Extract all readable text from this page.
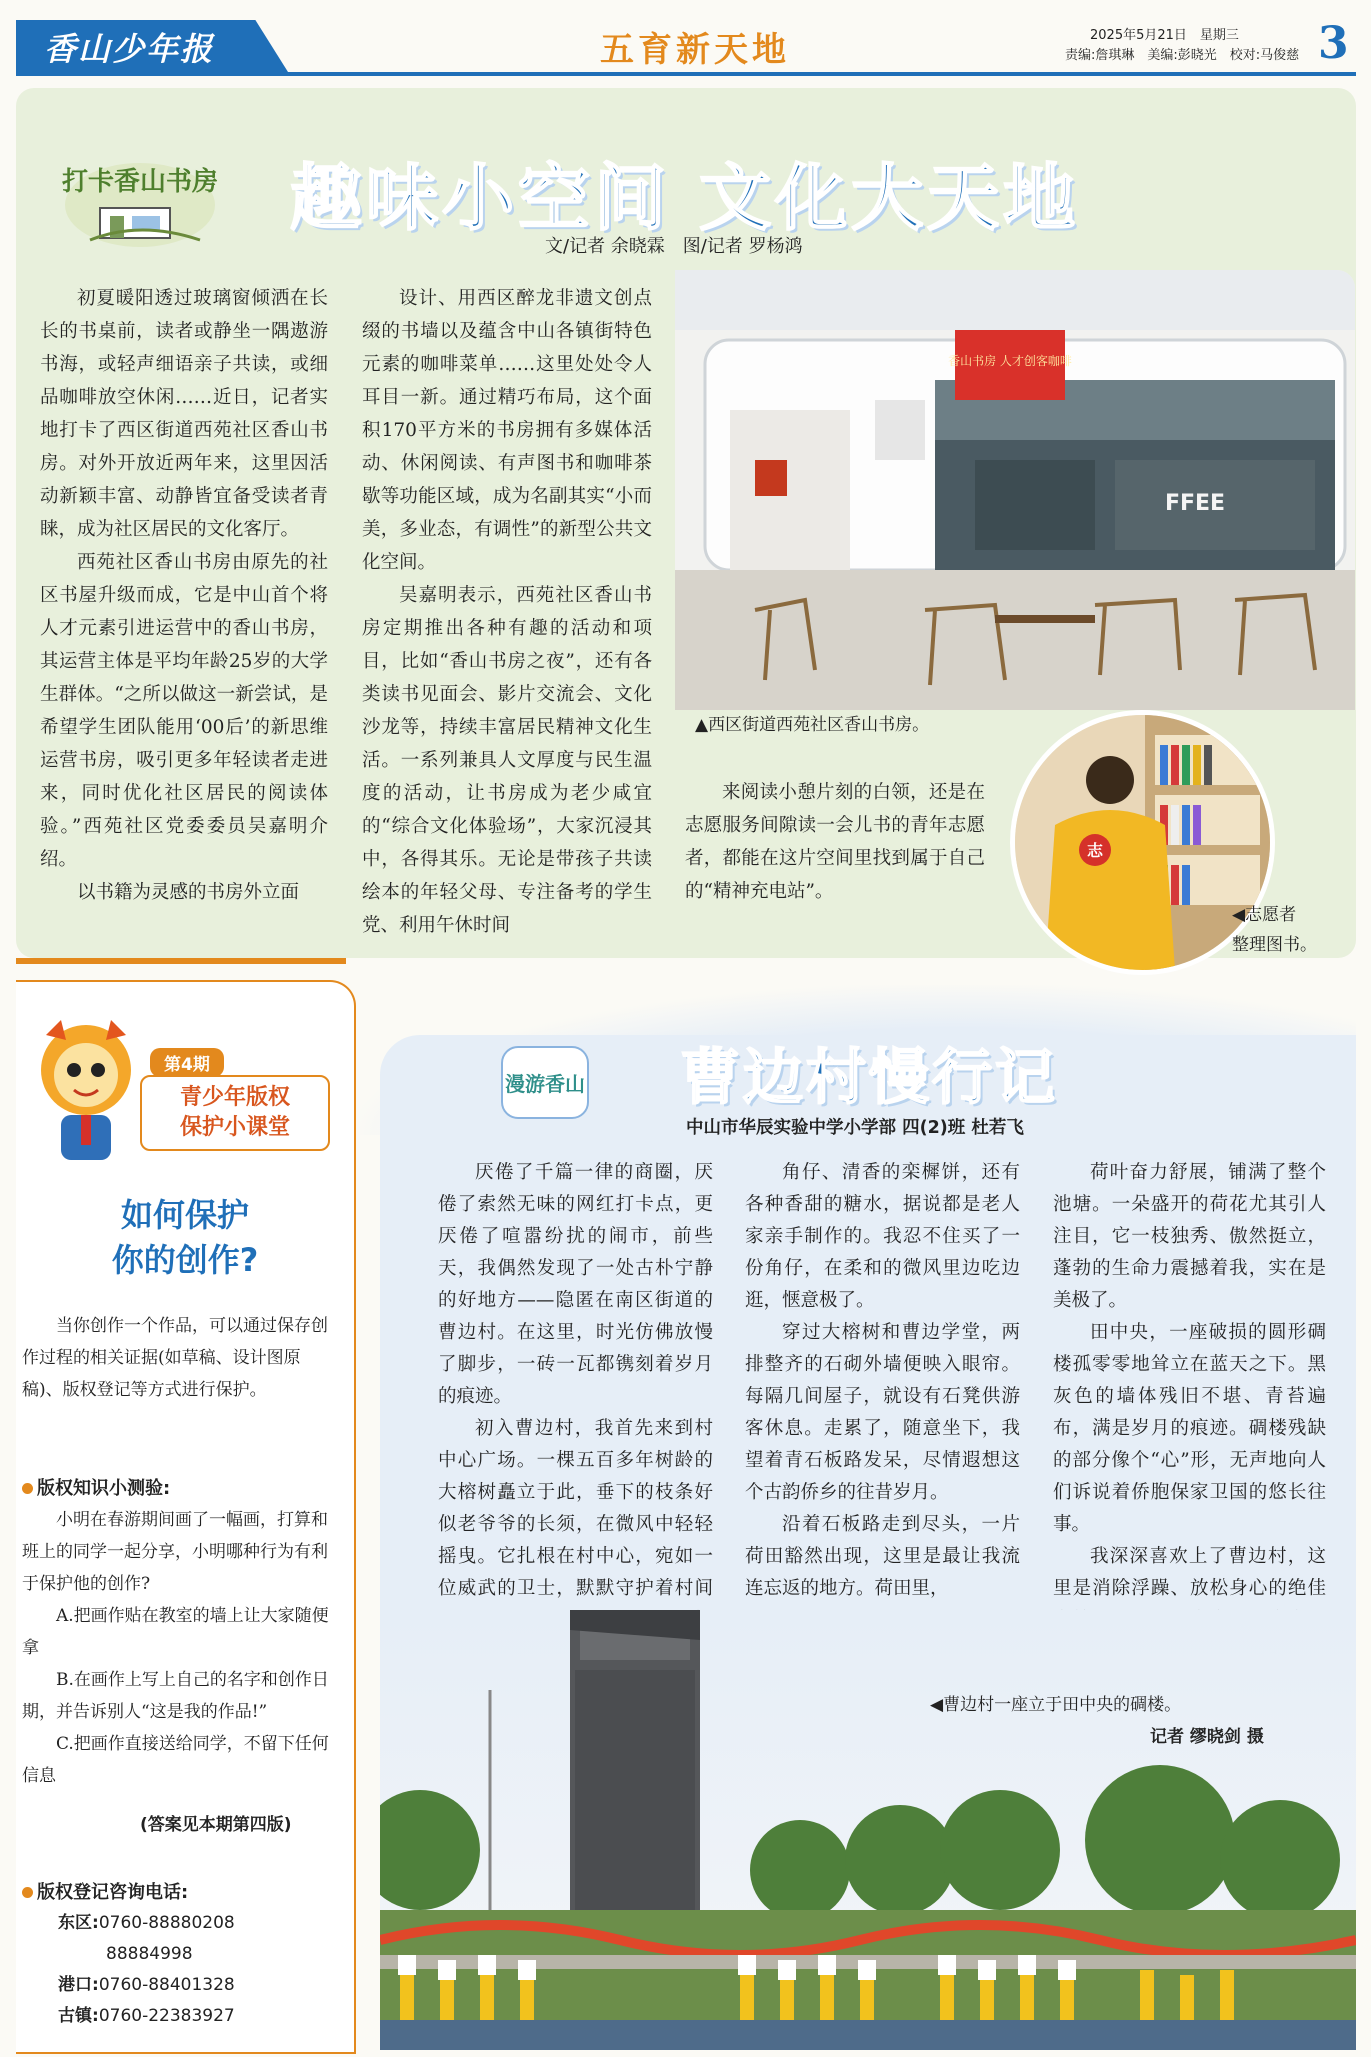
香山少年报	五育新天地	2025年5月21日　星期三
责编:詹琪琳　美编:彭晓光　校对:马俊慈 3
打卡香山书房 趣味小空间 文化大天地
文/记者 余晓霖　图/记者 罗杨鸿

初夏暖阳透过玻璃窗倾洒在长长的书桌前，读者或静坐一隅遨游书海，或轻声细语亲子共读，或细品咖啡放空休闲……近日，记者实地打卡了西区街道西苑社区香山书房。对外开放近两年来，这里因活动新颖丰富、动静皆宜备受读者青睐，成为社区居民的文化客厅。

西苑社区香山书房由原先的社区书屋升级而成，它是中山首个将人才元素引进运营中的香山书房，其运营主体是平均年龄25岁的大学生群体。“之所以做这一新尝试，是希望学生团队能用‘00后’的新思维运营书房，吸引更多年轻读者走进来，同时优化社区居民的阅读体验。”西苑社区党委委员吴嘉明介绍。

以书籍为灵感的书房外立面

设计、用西区醉龙非遗文创点缀的书墙以及蕴含中山各镇街特色元素的咖啡菜单……这里处处令人耳目一新。通过精巧布局，这个面积170平方米的书房拥有多媒体活动、休闲阅读、有声图书和咖啡茶歇等功能区域，成为名副其实“小而美，多业态，有调性”的新型公共文化空间。

吴嘉明表示，西苑社区香山书房定期推出各种有趣的活动和项目，比如“香山书房之夜”，还有各类读书见面会、影片交流会、文化沙龙等，持续丰富居民精神文化生活。一系列兼具人文厚度与民生温度的活动，让书房成为老少咸宜的“综合文化体验场”，大家沉浸其中，各得其乐。无论是带孩子共读绘本的年轻父母、专注备考的学生党、利用午休时间

来阅读小憩片刻的白领，还是在志愿服务间隙读一会儿书的青年志愿者，都能在这片空间里找到属于自己的“精神充电站”。

香山书房 人才创客咖啡
FFEE
▲西区街道西苑社区香山书房。
志
◀志愿者
整理图书。
第4期
青少年版权
保护小课堂
如何保护
你的创作?
当你创作一个作品，可以通过保存创作过程的相关证据(如草稿、设计图原稿)、版权登记等方式进行保护。
版权知识小测验:

小明在春游期间画了一幅画，打算和班上的同学一起分享，小明哪种行为有利于保护他的创作?

A.把画作贴在教室的墙上让大家随便拿

B.在画作上写上自己的名字和创作日期，并告诉别人“这是我的作品!”

C.把画作直接送给同学，不留下任何信息

(答案见本期第四版)
版权登记咨询电话:
东区:0760-88880208
88884998
港口:0760-88401328
古镇:0760-22383927
漫游香山 曹边村慢行记
中山市华辰实验中学小学部 四(2)班 杜若飞

厌倦了千篇一律的商圈，厌倦了索然无味的网红打卡点，更厌倦了喧嚣纷扰的闹市，前些天，我偶然发现了一处古朴宁静的好地方——隐匿在南区街道的曹边村。在这里，时光仿佛放慢了脚步，一砖一瓦都镌刻着岁月的痕迹。

初入曹边村，我首先来到村中心广场。一棵五百多年树龄的大榕树矗立于此，垂下的枝条好似老爷爷的长须，在微风中轻轻摇曳。它扎根在村中心，宛如一位威武的卫士，默默守护着村间

角仔、清香的栾樨饼，还有各种香甜的糖水，据说都是老人家亲手制作的。我忍不住买了一份角仔，在柔和的微风里边吃边逛，惬意极了。

穿过大榕树和曹边学堂，两排整齐的石砌外墙便映入眼帘。每隔几间屋子，就设有石凳供游客休息。走累了，随意坐下，我望着青石板路发呆，尽情遐想这个古韵侨乡的往昔岁月。

沿着石板路走到尽头，一片荷田豁然出现，这里是最让我流连忘返的地方。荷田里，

荷叶奋力舒展，铺满了整个池塘。一朵盛开的荷花尤其引人注目，它一枝独秀、傲然挺立，蓬勃的生命力震撼着我，实在是美极了。

田中央，一座破损的圆形碉楼孤零零地耸立在蓝天之下。黑灰色的墙体残旧不堪、青苔遍布，满是岁月的痕迹。碉楼残缺的部分像个“心”形，无声地向人们诉说着侨胞保家卫国的悠长往事。

我深深喜欢上了曹边村，这里是消除浮躁、放松身心的绝佳 　

◀曹边村一座立于田中央的碉楼。
记者 缪晓剑 摄
